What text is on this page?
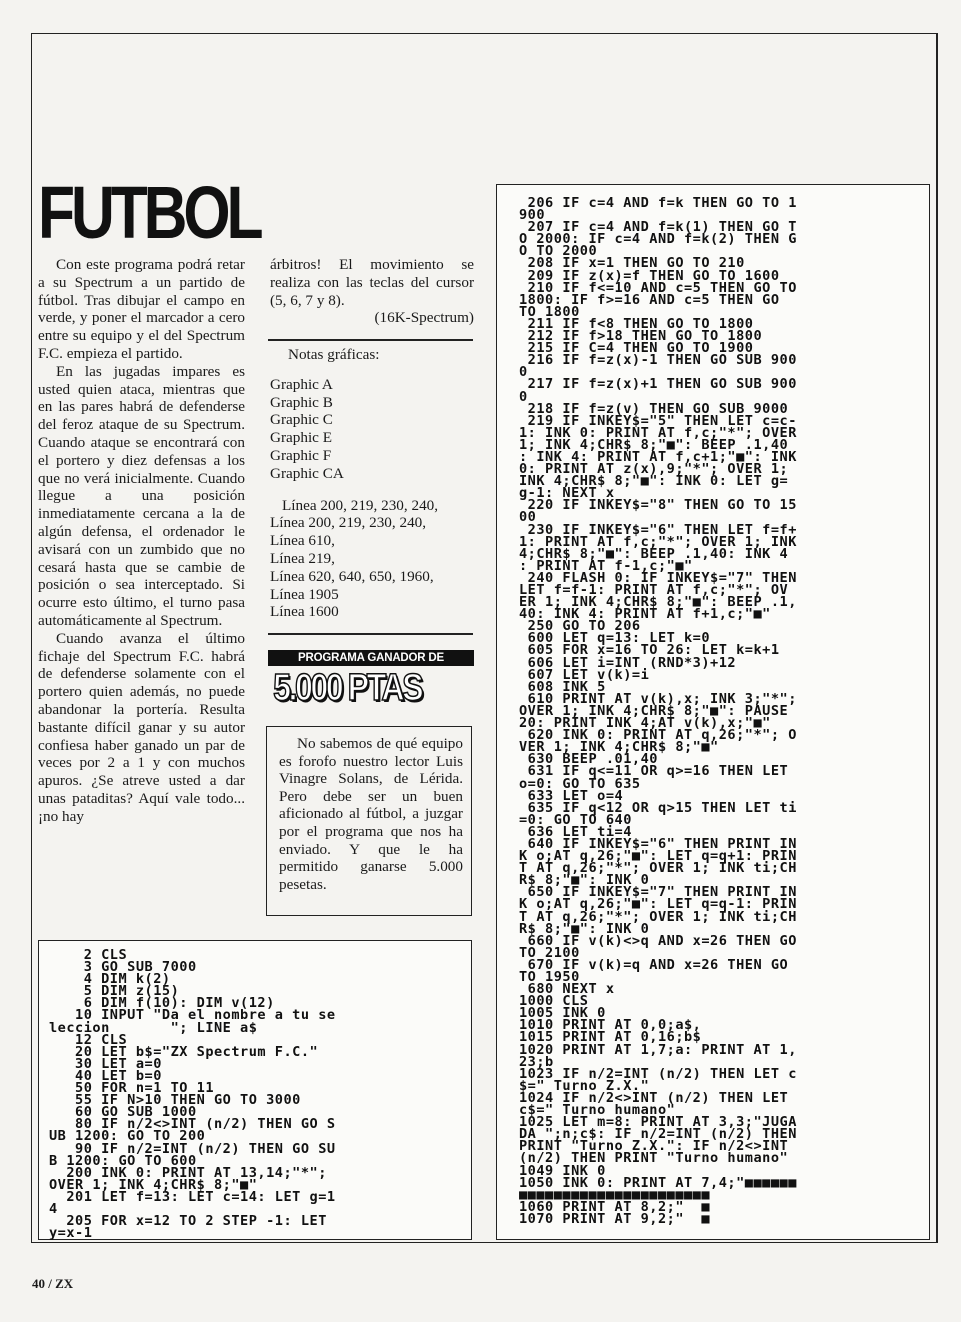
FUTBOL

Con este programa podrá retar a su Spectrum a un partido de fútbol. Tras dibujar el campo en verde, y poner el marcador a cero entre su equipo y el del Spectrum F.C. empieza el partido.

En las jugadas impares es usted quien ataca, mientras que en las pares habrá de defenderse del feroz ataque de su Spectrum. Cuando ataque se encontrará con el portero y diez defensas a los que no verá inicialmente. Cuando llegue a una posición inmediatamente cercana a la de algún defensa, el ordenador le avisará con un zumbido que no cesará hasta que se cambie de posición o sea interceptado. Si ocurre esto último, el turno pasa automáticamente al Spectrum.

Cuando avanza el último fichaje del Spectrum F.C. habrá de defenderse solamente con el portero quien además, no puede abandonar la portería. Resulta bastante difícil ganar y su autor confiesa haber ganado un par de veces por 2 a 1 y con muchos apuros. ¿Se atreve usted a dar unas pataditas? Aquí vale todo... ¡no hay

árbitros! El movimiento se realiza con las teclas del cursor (5, 6, 7 y 8).

(16K-Spectrum)
Notas gráficas:
Graphic A
Graphic B
Graphic C
Graphic E
Graphic F
Graphic CA
Línea 200, 219, 230, 240,
Línea 200, 219, 230, 240,
Línea 610,
Línea 219,
Línea 620, 640, 650, 1960,
Línea 1905
Línea 1600
PROGRAMA GANADOR DE
5.000 PTAS

No sabemos de qué equipo es forofo nuestro lector Luis Vinagre Solans, de Lérida. Pero debe ser un buen aficionado al fútbol, a juzgar por el programa que nos ha enviado. Y que le ha permitido ganarse 5.000 pesetas.

2 CLS
3 GO SUB 7000
4 DIM k(2)
5 DIM z(15)
6 DIM f(10): DIM v(12)
10 INPUT "Da el nombre a tu se
leccion       "; LINE a$
12 CLS
20 LET b$="ZX Spectrum F.C."
30 LET a=0
40 LET b=0
50 FOR n=1 TO 11
55 IF N>10 THEN GO TO 3000
60 GO SUB 1000
80 IF n/2<>INT (n/2) THEN GO S
UB 1200: GO TO 200
90 IF n/2=INT (n/2) THEN GO SU
B 1200: GO TO 600
200 INK 0: PRINT AT 13,14;"*";
OVER 1; INK 4;CHR$ 8;"■"
201 LET f=13: LET c=14: LET g=1
4
205 FOR x=12 TO 2 STEP -1: LET
y=x-1
206 IF c=4 AND f=k THEN GO TO 1
900
207 IF c=4 AND f=k(1) THEN GO T
O 2000: IF c=4 AND f=k(2) THEN G
O TO 2000
208 IF x=1 THEN GO TO 210
209 IF z(x)=f THEN GO TO 1600
210 IF f<=10 AND c=5 THEN GO TO
1800: IF f>=16 AND c=5 THEN GO
TO 1800
211 IF f<8 THEN GO TO 1800
212 IF f>18 THEN GO TO 1800
215 IF C=4 THEN GO TO 1900
216 IF f=z(x)-1 THEN GO SUB 900
0
217 IF f=z(x)+1 THEN GO SUB 900
0
218 IF f=z(v) THEN GO SUB 9000
219 IF INKEY$="5" THEN LET c=c-
1: INK 0: PRINT AT f,c;"*"; OVER
1; INK 4;CHR$ 8;"■": BEEP .1,40
: INK 4: PRINT AT f,c+1;"■": INK
0: PRINT AT z(x),9;"*"; OVER 1;
INK 4;CHR$ 8;"■": INK 0: LET g=
g-1: NEXT x
220 IF INKEY$="8" THEN GO TO 15
00
230 IF INKEY$="6" THEN LET f=f+
1: PRINT AT f,c;"*"; OVER 1; INK
4;CHR$ 8;"■": BEEP .1,40: INK 4
: PRINT AT f-1,c;"■"
240 FLASH 0: IF INKEY$="7" THEN
LET f=f-1: PRINT AT f,c;"*"; OV
ER 1; INK 4;CHR$ 8;"■": BEEP .1,
40: INK 4: PRINT AT f+1,c;"■"
250 GO TO 206
600 LET q=13: LET k=0
605 FOR x=16 TO 26: LET k=k+1
606 LET i=INT (RND*3)+12
607 LET v(k)=i
608 INK 5
610 PRINT AT v(k),x; INK 3;"*";
OVER 1; INK 4;CHR$ 8;"■": PAUSE
20: PRINT INK 4;AT v(k),x;"■"
620 INK 0: PRINT AT q,26;"*"; O
VER 1; INK 4;CHR$ 8;"■"
630 BEEP .01,40
631 IF q<=11 OR q>=16 THEN LET
o=0: GO TO 635
633 LET o=4
635 IF q<12 OR q>15 THEN LET ti
=0: GO TO 640
636 LET ti=4
640 IF INKEY$="6" THEN PRINT IN
K o;AT q,26;"■": LET q=q+1: PRIN
T AT q,26;"*"; OVER 1; INK ti;CH
R$ 8;"■": INK 0
650 IF INKEY$="7" THEN PRINT IN
K o;AT q,26;"■": LET q=q-1: PRIN
T AT q,26;"*"; OVER 1; INK ti;CH
R$ 8;"■": INK 0
660 IF v(k)<>q AND x=26 THEN GO
TO 2100
670 IF v(k)=q AND x=26 THEN GO
TO 1950
680 NEXT x
1000 CLS
1005 INK 0
1010 PRINT AT 0,0;a$,
1015 PRINT AT 0,16;b$
1020 PRINT AT 1,7;a: PRINT AT 1,
23;b
1023 IF n/2=INT (n/2) THEN LET c
$=" Turno Z.X."
1024 IF n/2<>INT (n/2) THEN LET
c$=" Turno humano"
1025 LET m=8: PRINT AT 3,3;"JUGA
DA ";n;c$: IF n/2=INT (n/2) THEN
PRINT "Turno Z.X.": IF n/2<>INT
(n/2) THEN PRINT "Turno humano"
1049 INK 0
1050 INK 0: PRINT AT 7,4;"■■■■■■
■■■■■■■■■■■■■■■■■■■■■■
1060 PRINT AT 8,2;"  ■
1070 PRINT AT 9,2;"  ■
40 / ZX
